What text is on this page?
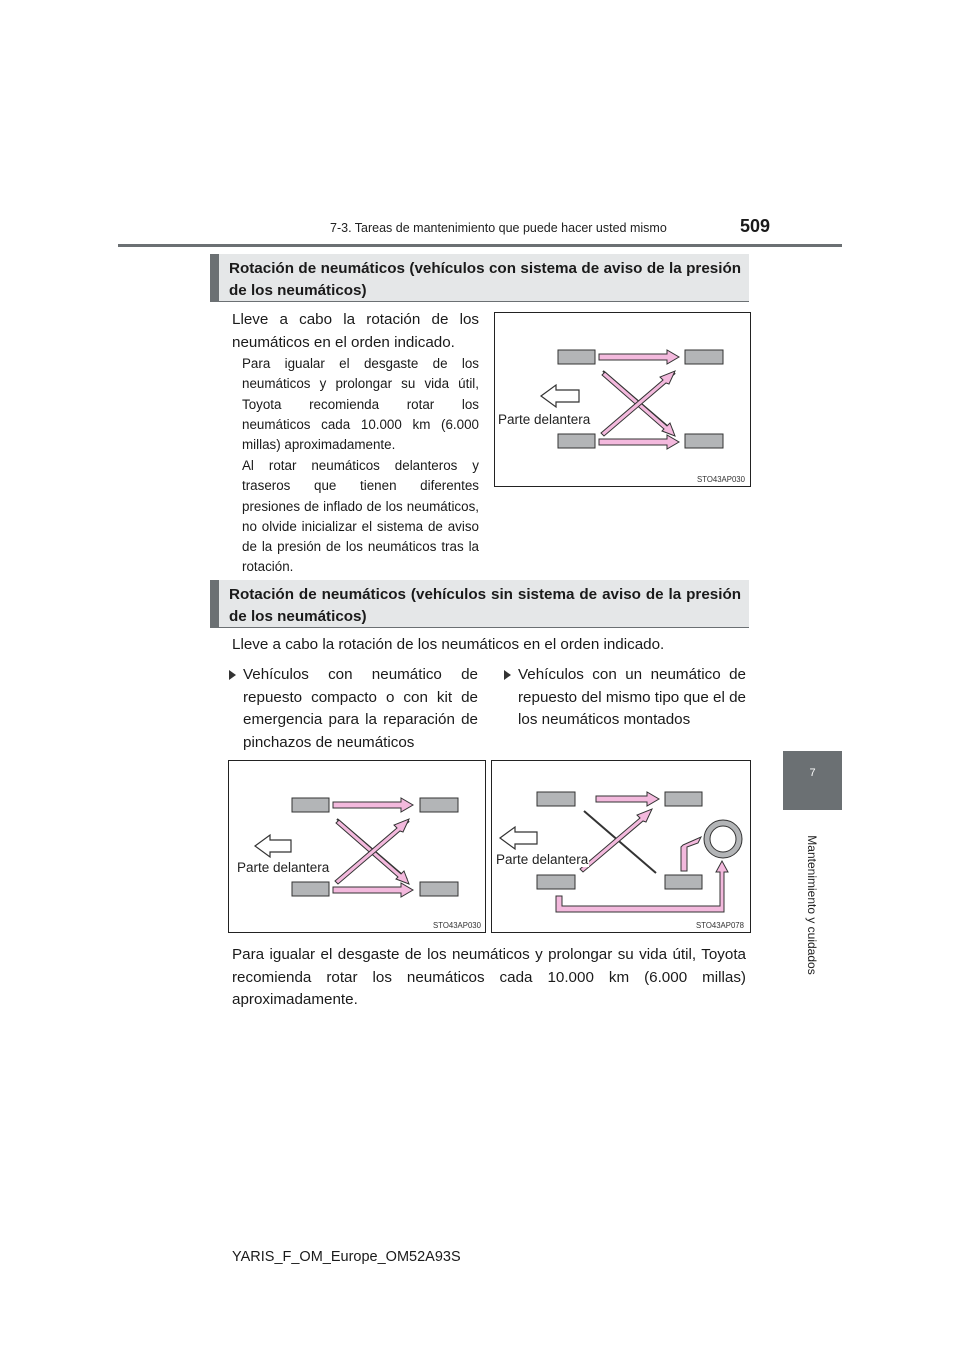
7-3. Tareas de mantenimiento que puede hacer usted mismo	509
7
Mantenimiento y cuidados
Rotación de neumáticos (vehículos con sistema de aviso de la presión de los neumáticos)
Lleve a cabo la rotación de los neumáticos en el orden indicado.
Para igualar el desgaste de los neumáticos y prolongar su vida útil, Toyota recomienda rotar los neumáticos cada 10.000 km (6.000 millas) aproximadamente.
Al rotar neumáticos delanteros y traseros que tienen diferentes presiones de inflado de los neumáticos, no olvide inicializar el sistema de aviso de la presión de los neumáticos tras la rotación.
Parte delantera
STO43AP030
Rotación de neumáticos (vehículos sin sistema de aviso de la presión de los neumáticos)
Lleve a cabo la rotación de los neumáticos en el orden indicado.
Vehículos con neumático de repuesto compacto o con kit de emergencia para la reparación de pinchazos de neumáticos
Vehículos con un neumático de repuesto del mismo tipo que el de los neumáticos montados
Parte delantera
STO43AP030
Parte delantera
STO43AP078
Para igualar el desgaste de los neumáticos y prolongar su vida útil, Toyota recomienda rotar los neumáticos cada 10.000 km (6.000 millas) aproximadamente.
YARIS_F_OM_Europe_OM52A93S
